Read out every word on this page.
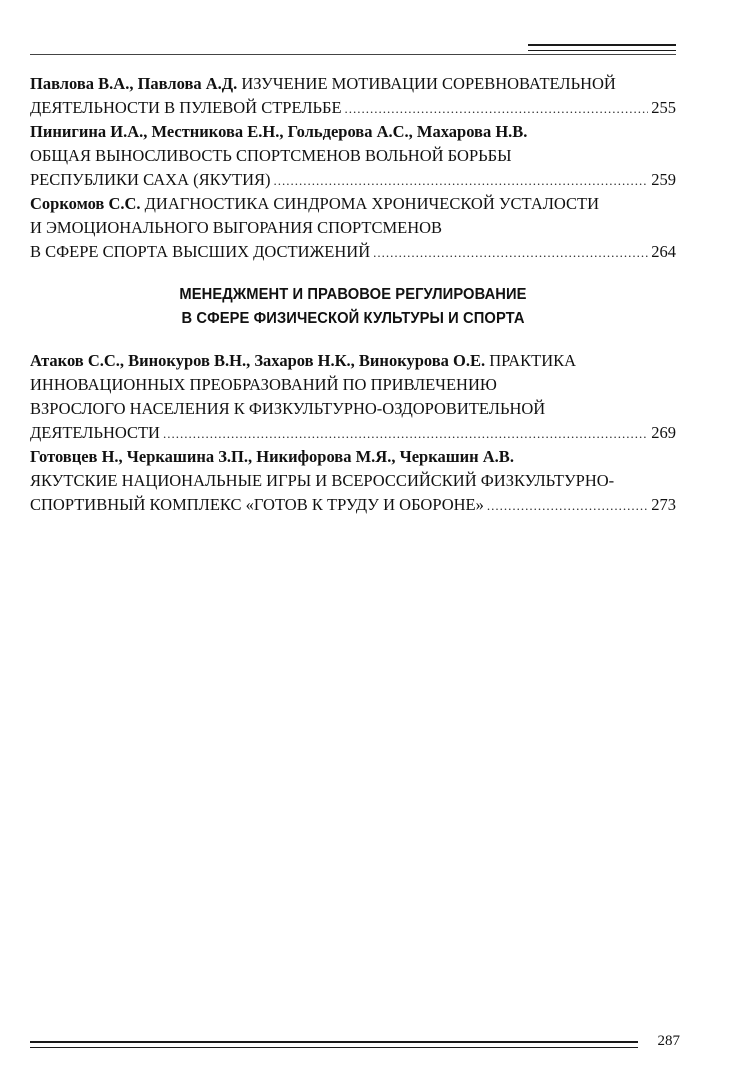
Павлова В.А., Павлова А.Д. ИЗУЧЕНИЕ МОТИВАЦИИ СОРЕВНОВАТЕЛЬНОЙ
ДЕЯТЕЛЬНОСТИ В ПУЛЕВОЙ СТРЕЛЬБЕ .....	255
Пинигина И.А., Местникова Е.Н., Гольдерова А.С., Махарова Н.В.
ОБЩАЯ ВЫНОСЛИВОСТЬ СПОРТСМЕНОВ ВОЛЬНОЙ БОРЬБЫ
РЕСПУБЛИКИ САХА (ЯКУТИЯ) .....	259
Соркомов С.С. ДИАГНОСТИКА СИНДРОМА ХРОНИЧЕСКОЙ УСТАЛОСТИ
И ЭМОЦИОНАЛЬНОГО ВЫГОРАНИЯ СПОРТСМЕНОВ
В СФЕРЕ СПОРТА ВЫСШИХ ДОСТИЖЕНИЙ .....	264
МЕНЕДЖМЕНТ И ПРАВОВОЕ РЕГУЛИРОВАНИЕ
В СФЕРЕ ФИЗИЧЕСКОЙ КУЛЬТУРЫ И СПОРТА
Атаков С.С., Винокуров В.Н., Захаров Н.К., Винокурова О.Е. ПРАКТИКА
ИННОВАЦИОННЫХ ПРЕОБРАЗОВАНИЙ ПО ПРИВЛЕЧЕНИЮ
ВЗРОСЛОГО НАСЕЛЕНИЯ К ФИЗКУЛЬТУРНО-ОЗДОРОВИТЕЛЬНОЙ
ДЕЯТЕЛЬНОСТИ .....	269
Готовцев Н., Черкашина З.П., Никифорова М.Я., Черкашин А.В.
ЯКУТСКИЕ НАЦИОНАЛЬНЫЕ ИГРЫ И ВСЕРОССИЙСКИЙ ФИЗКУЛЬТУРНО-
СПОРТИВНЫЙ КОМПЛЕКС «ГОТОВ К ТРУДУ И ОБОРОНЕ» .....	273
287
